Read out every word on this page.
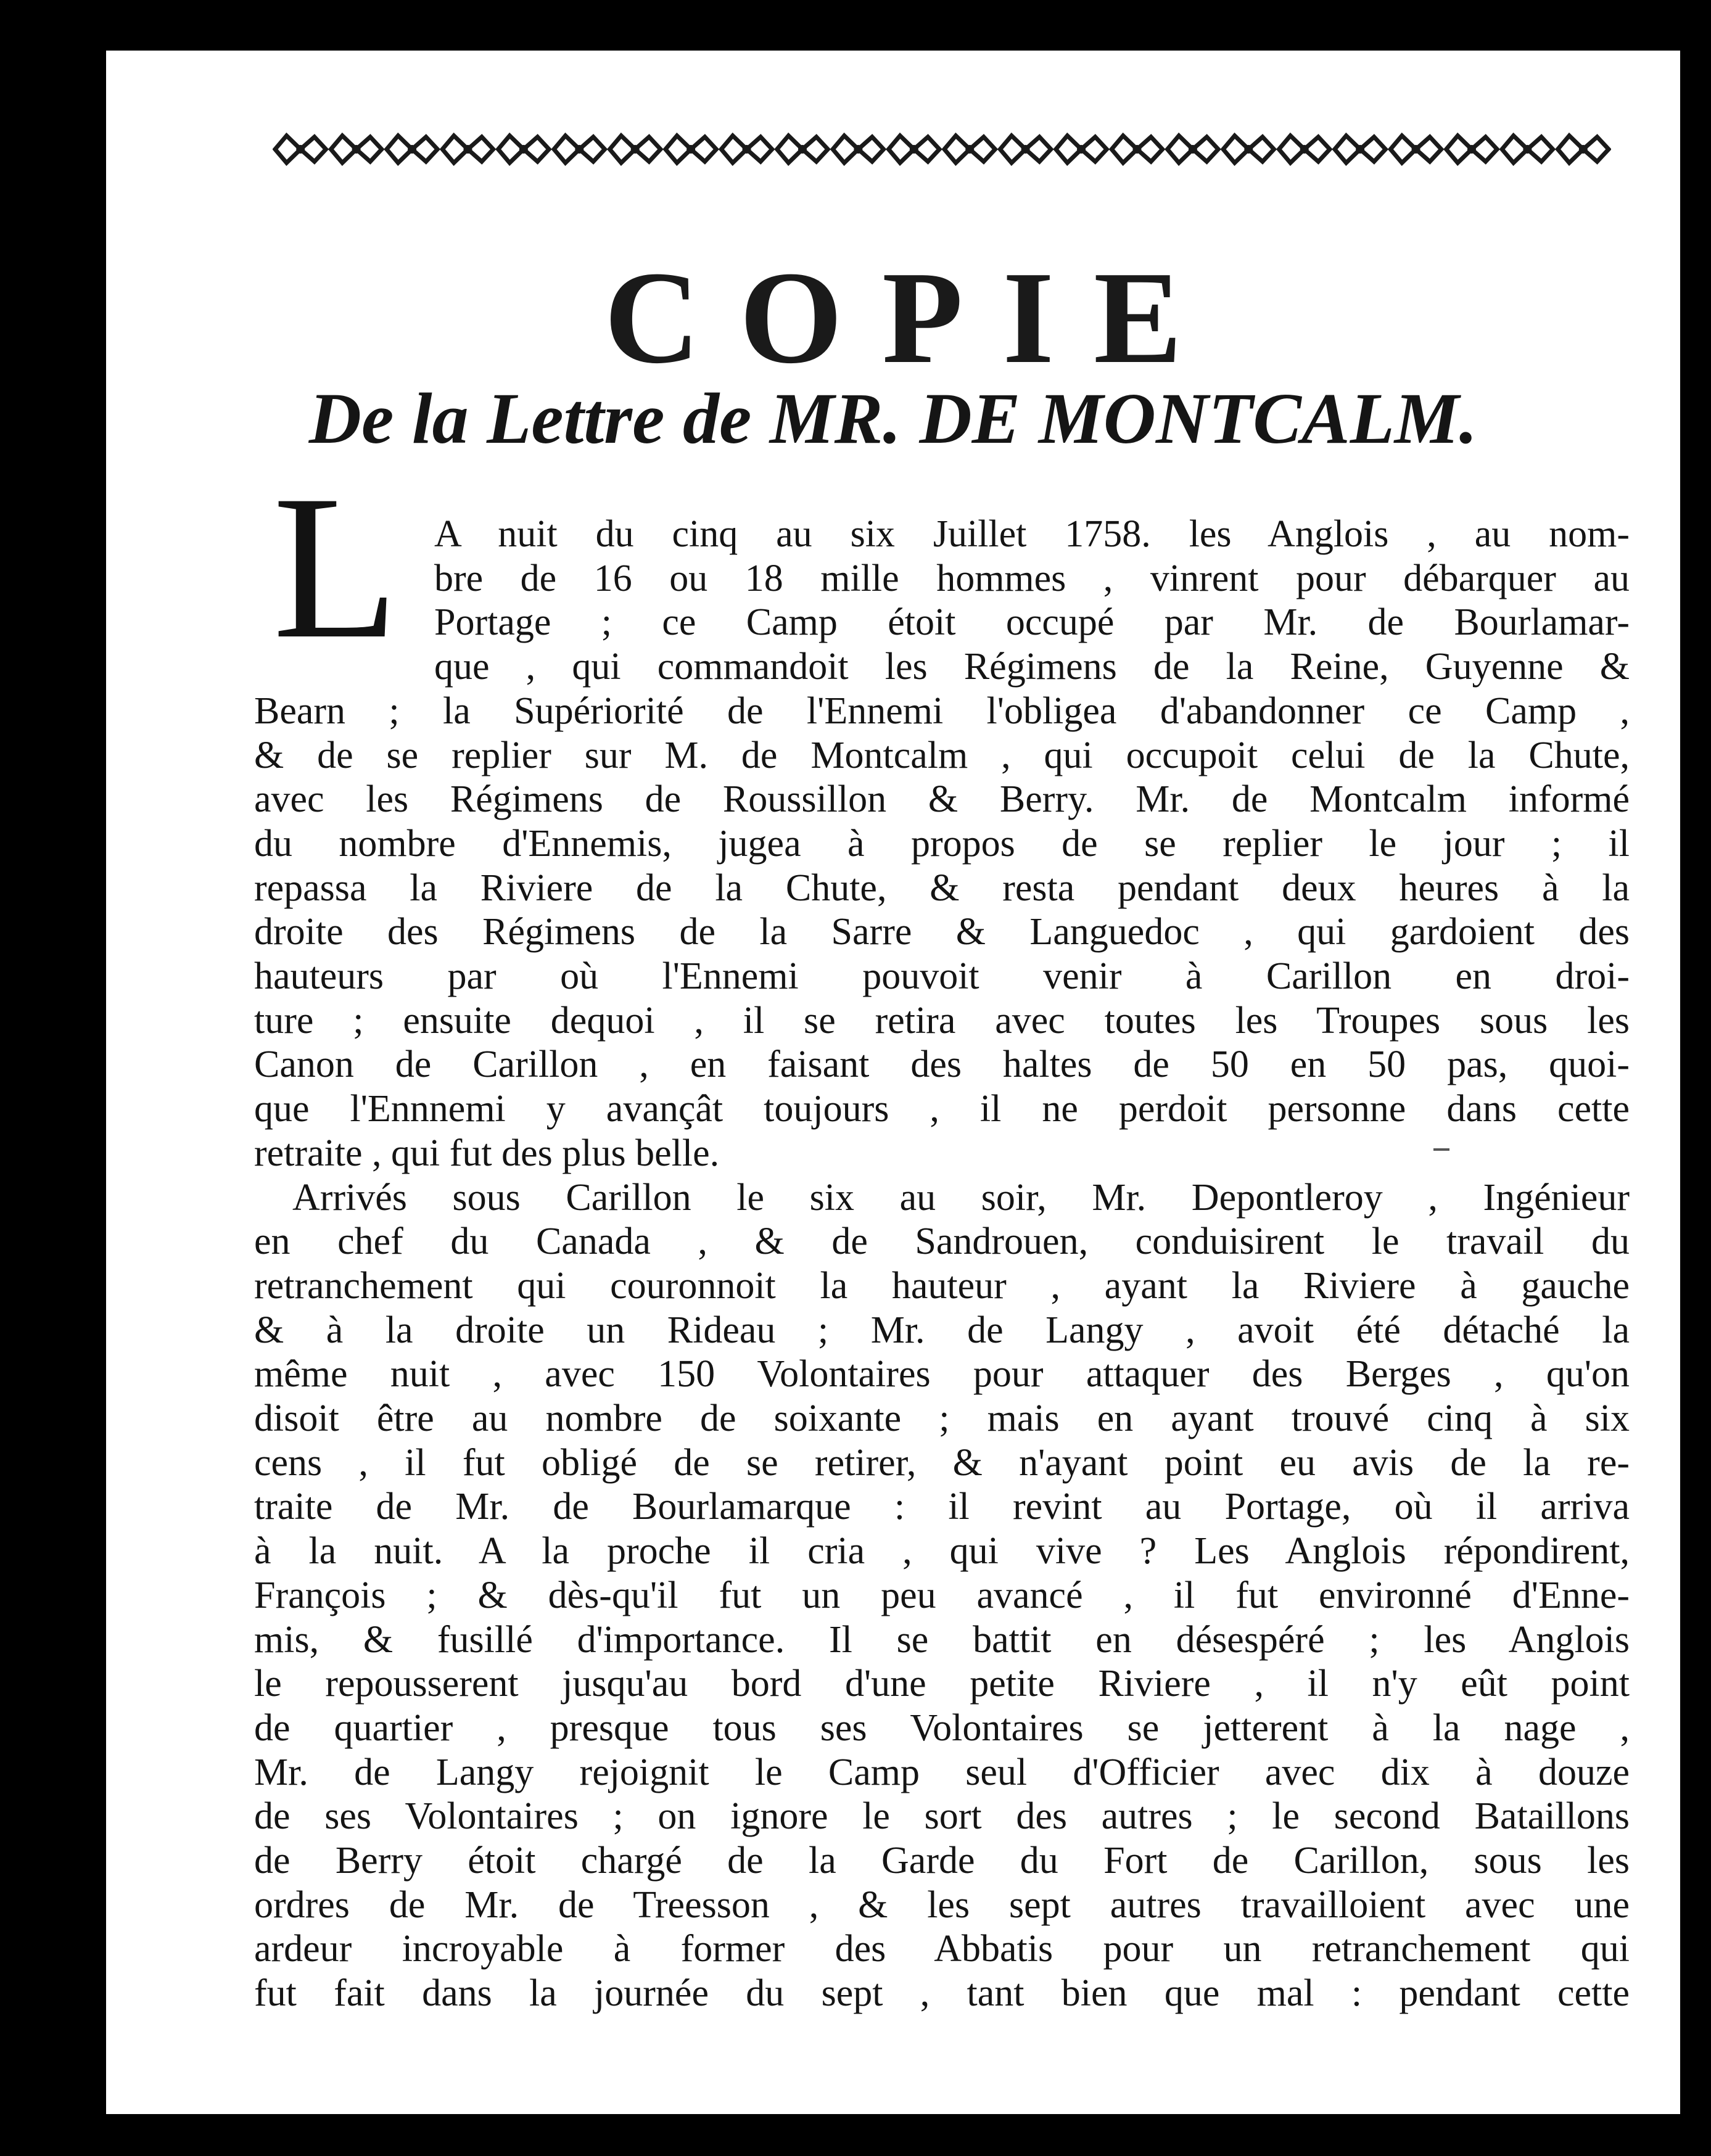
COPIE
De la Lettre de MR. DE MONTCALM.
L A nuit du cinq au six Juillet 1758. les Anglois , au nom-
bre de 16 ou 18 mille hommes , vinrent pour débarquer au
Portage ; ce Camp étoit occupé par Mr. de Bourlamar-
que , qui commandoit les Régimens de la Reine, Guyenne &
Bearn ; la Supériorité de l'Ennemi l'obligea d'abandonner ce Camp ,
& de se replier sur M. de Montcalm , qui occupoit celui de la Chute,
avec les Régimens de Roussillon & Berry. Mr. de Montcalm informé
du nombre d'Ennemis, jugea à propos de se replier le jour ; il
repassa la Riviere de la Chute, & resta pendant deux heures à la
droite des Régimens de la Sarre & Languedoc , qui gardoient des
hauteurs par où l'Ennemi pouvoit venir à Carillon en droi-
ture ; ensuite dequoi , il se retira avec toutes les Troupes sous les
Canon de Carillon , en faisant des haltes de 50 en 50 pas, quoi-
que l'Ennnemi y avançât toujours , il ne perdoit personne dans cette
retraite , qui fut des plus belle.
Arrivés sous Carillon le six au soir, Mr. Depontleroy , Ingénieur
en chef du Canada , & de Sandrouen, conduisirent le travail du
retranchement qui couronnoit la hauteur , ayant la Riviere à gauche
& à la droite un Rideau ; Mr. de Langy , avoit été détaché la
même nuit , avec 150 Volontaires pour attaquer des Berges , qu'on
disoit être au nombre de soixante ; mais en ayant trouvé cinq à six
cens , il fut obligé de se retirer, & n'ayant point eu avis de la re-
traite de Mr. de Bourlamarque : il revint au Portage, où il arriva
à la nuit. A la proche il cria , qui vive ? Les Anglois répondirent,
François ; & dès-qu'il fut un peu avancé , il fut environné d'Enne-
mis, & fusillé d'importance. Il se battit en désespéré ; les Anglois
le repousserent jusqu'au bord d'une petite Riviere , il n'y eût point
de quartier , presque tous ses Volontaires se jetterent à la nage ,
Mr. de Langy rejoignit le Camp seul d'Officier avec dix à douze
de ses Volontaires ; on ignore le sort des autres ; le second Bataillons
de Berry étoit chargé de la Garde du Fort de Carillon, sous les
ordres de Mr. de Treesson , & les sept autres travailloient avec une
ardeur incroyable à former des Abbatis pour un retranchement qui
fut fait dans la journée du sept , tant bien que mal : pendant cette
